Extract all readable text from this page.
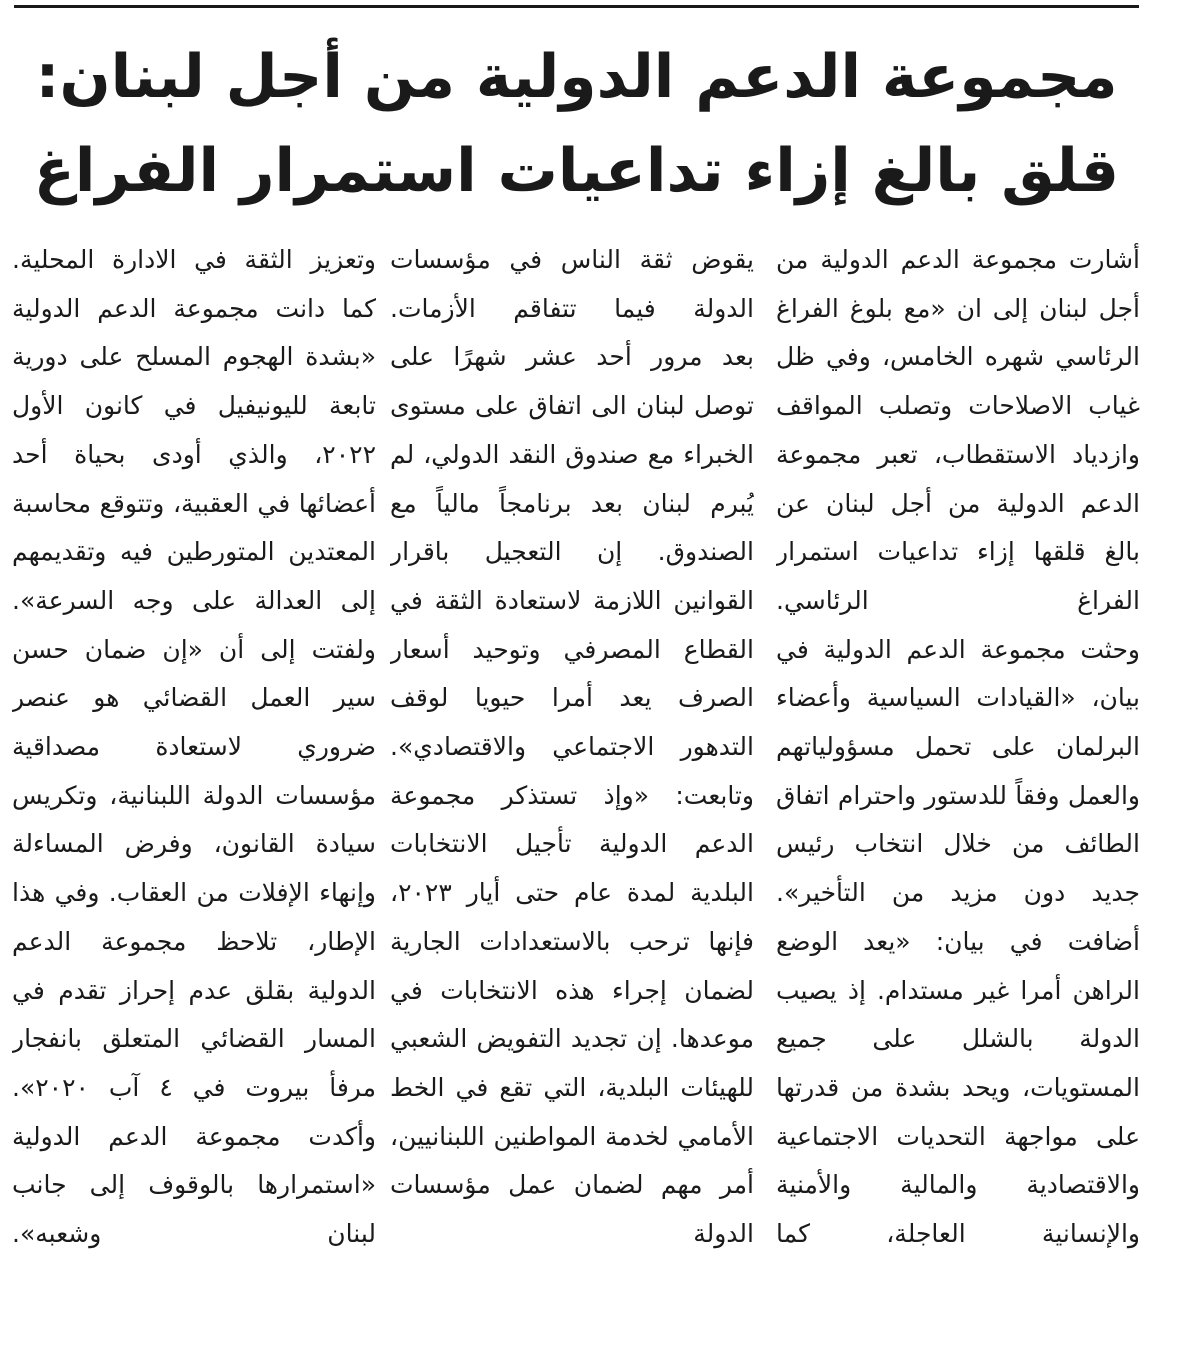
مجموعة الدعم الدولية من أجل لبنان:
قلق بالغ إزاء تداعيات استمرار الفراغ

أشارت مجموعة الدعم الدولية من أجل لبنان إلى ان «مع بلوغ الفراغ الرئاسي شهره الخامس، وفي ظل غياب الاصلاحات وتصلب المواقف وازدياد الاستقطاب، تعبر مجموعة الدعم الدولية من أجل لبنان عن بالغ قلقها إزاء تداعيات استمرار الفراغ الرئاسي.

وحثت مجموعة الدعم الدولية في بيان، «القيادات السياسية وأعضاء البرلمان على تحمل مسؤولياتهم والعمل وفقاً للدستور واحترام اتفاق الطائف من خلال انتخاب رئيس جديد دون مزيد من التأخير».

أضافت في بيان: «يعد الوضع الراهن أمرا غير مستدام. إذ يصيب الدولة بالشلل على جميع المستويات، ويحد بشدة من قدرتها على مواجهة التحديات الاجتماعية والاقتصادية والمالية والأمنية والإنسانية العاجلة، كما

يقوض ثقة الناس في مؤسسات الدولة فيما تتفاقم الأزمات.

بعد مرور أحد عشر شهرًا على توصل لبنان الى اتفاق على مستوى الخبراء مع صندوق النقد الدولي، لم يُبرم لبنان بعد برنامجاً مالياً مع الصندوق. إن التعجيل باقرار القوانين اللازمة لاستعادة الثقة في القطاع المصرفي وتوحيد أسعار الصرف يعد أمرا حيويا لوقف التدهور الاجتماعي والاقتصادي».

وتابعت: «وإذ تستذكر مجموعة الدعم الدولية تأجيل الانتخابات البلدية لمدة عام حتى أيار ٢٠٢٣، فإنها ترحب بالاستعدادات الجارية لضمان إجراء هذه الانتخابات في موعدها. إن تجديد التفويض الشعبي للهيئات البلدية، التي تقع في الخط الأمامي لخدمة المواطنين اللبنانيين، أمر مهم لضمان عمل مؤسسات الدولة

وتعزيز الثقة في الادارة المحلية.

كما دانت مجموعة الدعم الدولية «بشدة الهجوم المسلح على دورية تابعة لليونيفيل في كانون الأول ٢٠٢٢، والذي أودى بحياة أحد أعضائها في العقبية، وتتوقع محاسبة المعتدين المتورطين فيه وتقديمهم إلى العدالة على وجه السرعة».

ولفتت إلى أن «إن ضمان حسن سير العمل القضائي هو عنصر ضروري لاستعادة مصداقية مؤسسات الدولة اللبنانية، وتكريس سيادة القانون، وفرض المساءلة وإنهاء الإفلات من العقاب. وفي هذا الإطار، تلاحظ مجموعة الدعم الدولية بقلق عدم إحراز تقدم في المسار القضائي المتعلق بانفجار مرفأ بيروت في ٤ آب ٢٠٢٠».

وأكدت مجموعة الدعم الدولية «استمرارها بالوقوف إلى جانب لبنان وشعبه».
